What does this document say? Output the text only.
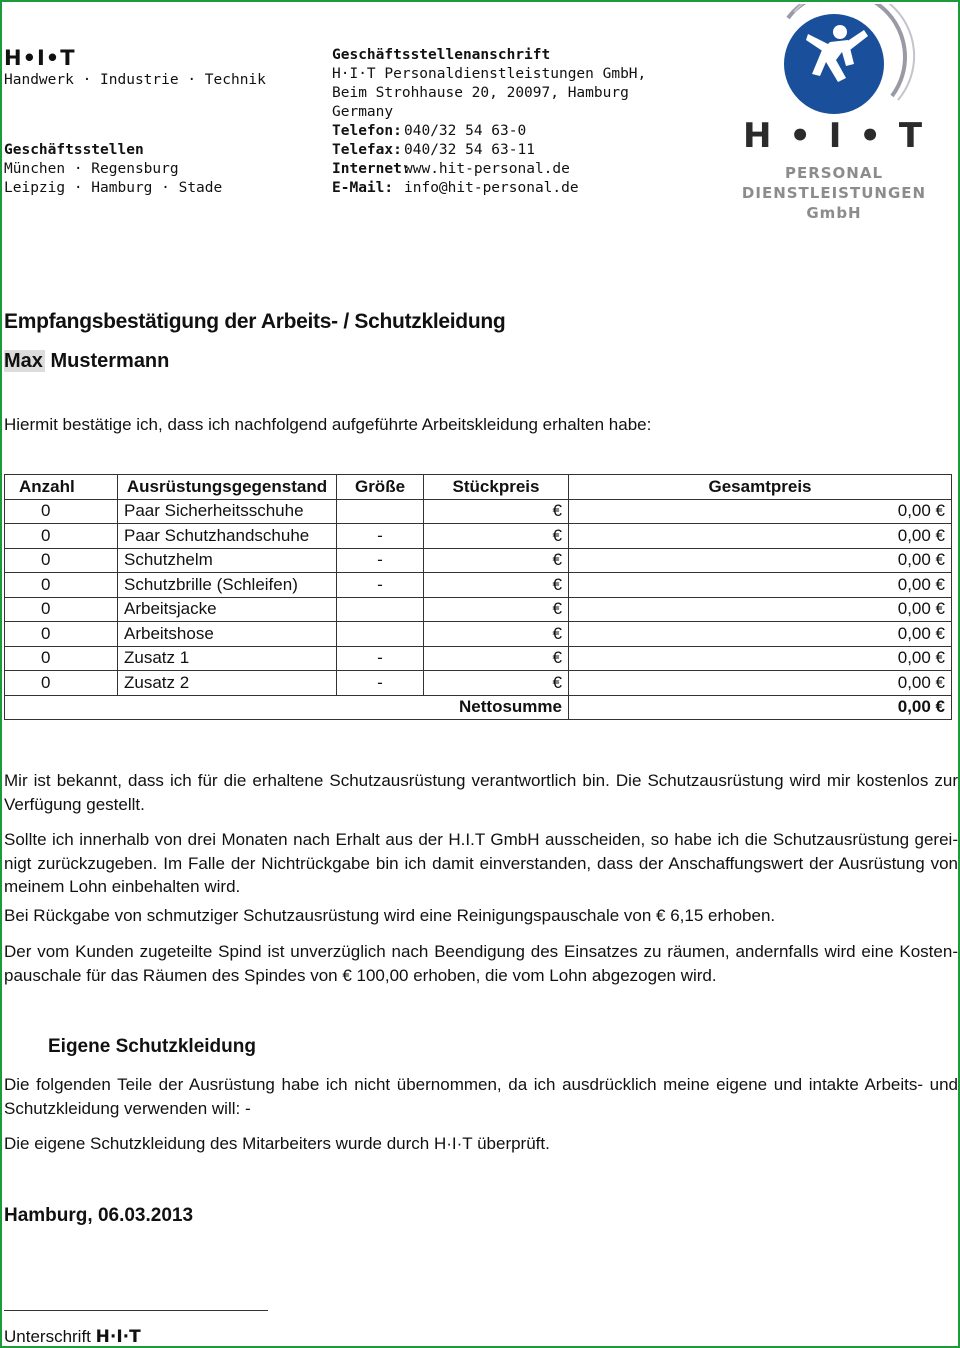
H•I•T
Handwerk · Industrie · Technik
Geschäftsstellen
München · Regensburg
Leipzig · Hamburg · Stade
Geschäftsstellenanschrift
H·I·T Personaldienstleistungen GmbH,
Beim Strohhause 20, 20097, Hamburg
Germany
Telefon: 040/32 54 63-0
Telefax: 040/32 54 63-11
Internet:www.hit-personal.de
E-Mail: info@hit-personal.de
H • I • T
PERSONAL
DIENSTLEISTUNGEN
GmbH
Empfangsbestätigung der Arbeits- / Schutzkleidung
Max Mustermann
Hiermit bestätige ich, dass ich nachfolgend aufgeführte Arbeitskleidung erhalten habe:
Anzahl	Ausrüstungsgegenstand	Größe	Stückpreis	Gesamtpreis
0	Paar Sicherheitsschuhe		€	0,00 €
0	Paar Schutzhandschuhe	-	€	0,00 €
0	Schutzhelm	-	€	0,00 €
0	Schutzbrille (Schleifen)	-	€	0,00 €
0	Arbeitsjacke		€	0,00 €
0	Arbeitshose		€	0,00 €
0	Zusatz 1	-	€	0,00 €
0	Zusatz 2	-	€	0,00 €
Nettosumme				0,00 €
Mir ist bekannt, dass ich für die erhaltene Schutzausrüstung verantwortlich bin. Die Schutzausrüstung wird mir kostenlos zur Verfügung gestellt.
Sollte ich innerhalb von drei Monaten nach Erhalt aus der H.I.T GmbH ausscheiden, so habe ich die Schutzausrüstung gereinigt zurückzugeben. Im Falle der Nichtrückgabe bin ich damit einverstanden, dass der Anschaffungswert der Ausrüstung von meinem Lohn einbehalten wird.
Bei Rückgabe von schmutziger Schutzausrüstung wird eine Reinigungspauschale von € 6,15 erhoben.
Der vom Kunden zugeteilte Spind ist unverzüglich nach Beendigung des Einsatzes zu räumen, andernfalls wird eine Kostenpauschale für das Räumen des Spindes von € 100,00 erhoben, die vom Lohn abgezogen wird.
Eigene Schutzkleidung
Die folgenden Teile der Ausrüstung habe ich nicht übernommen, da ich ausdrücklich meine eigene und intakte Arbeits- und Schutzkleidung verwenden will: -
Die eigene Schutzkleidung des Mitarbeiters wurde durch H·I·T überprüft.
Hamburg, 06.03.2013
Unterschrift H·I·T
